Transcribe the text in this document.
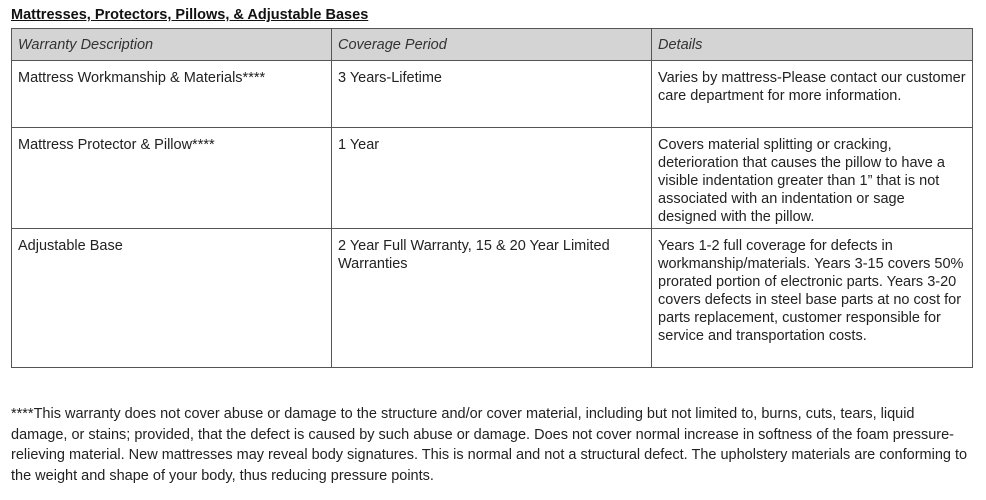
Mattresses, Protectors, Pillows, & Adjustable Bases
Warranty Description	Coverage Period	Details
Mattress Workmanship & Materials****	3 Years-Lifetime	Varies by mattress-Please contact our customer care department for more information.
Mattress Protector & Pillow****	1 Year	Covers material splitting or cracking, deterioration that causes the pillow to have a visible indentation greater than 1” that is not associated with an indentation or sage designed with the pillow.
Adjustable Base	2 Year Full Warranty, 15 & 20 Year Limited Warranties	Years 1-2 full coverage for defects in workmanship/materials. Years 3-15 covers 50% prorated portion of electronic parts. Years 3-20 covers defects in steel base parts at no cost for parts replacement, customer responsible for service and transportation costs.
****This warranty does not cover abuse or damage to the structure and/or cover material, including but not limited to, burns, cuts, tears, liquid damage, or stains; provided, that the defect is caused by such abuse or damage. Does not cover normal increase in softness of the foam pressure-relieving material. New mattresses may reveal body signatures. This is normal and not a structural defect. The upholstery materials are conforming to the weight and shape of your body, thus reducing pressure points.
